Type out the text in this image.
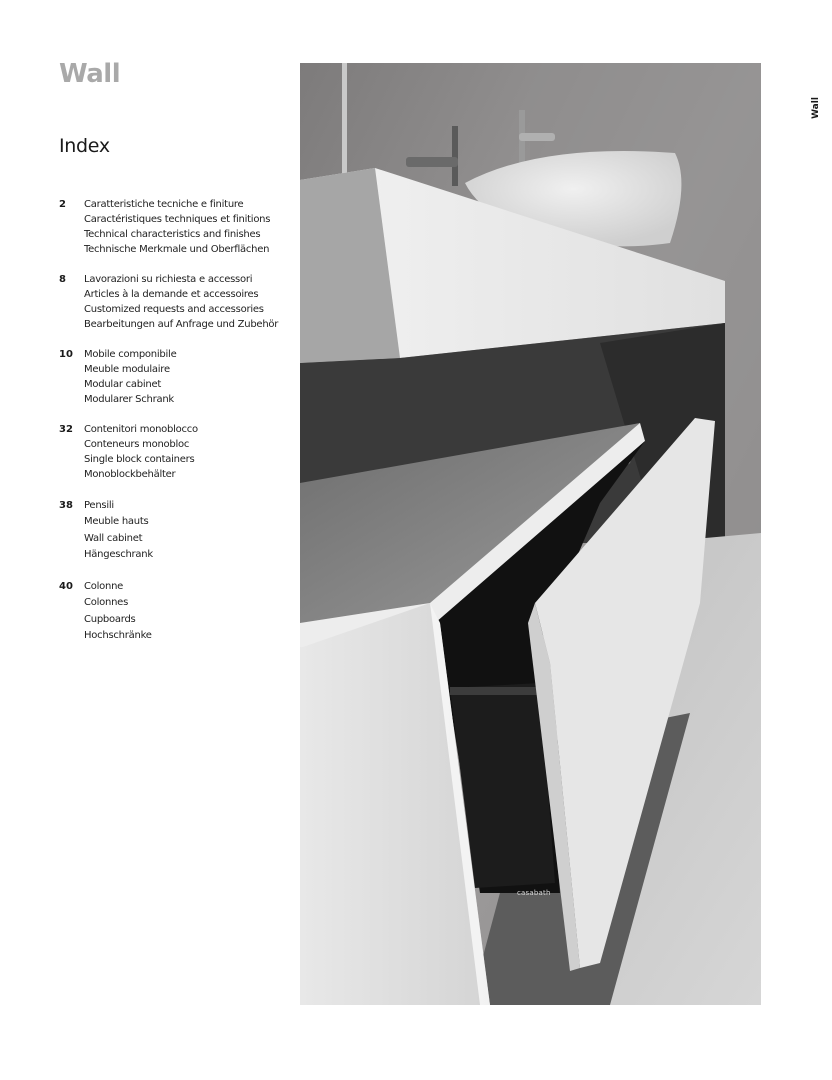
Wall
Index
Wall
2	Caratteristiche tecniche e finiture
Caractéristiques techniques et finitions
Technical characteristics and finishes
Technische Merkmale und Oberflächen
8	Lavorazioni su richiesta e accessori
Articles à la demande et accessoires
Customized requests and accessories
Bearbeitungen auf Anfrage und Zubehör
10	Mobile componibile
Meuble modulaire
Modular cabinet
Modularer Schrank
32	Contenitori monoblocco
Conteneurs monobloc
Single block containers
Monoblockbehälter
38	Pensili
Meuble hauts
Wall cabinet
Hängeschrank
40	Colonne
Colonnes
Cupboards
Hochschränke
casabath
